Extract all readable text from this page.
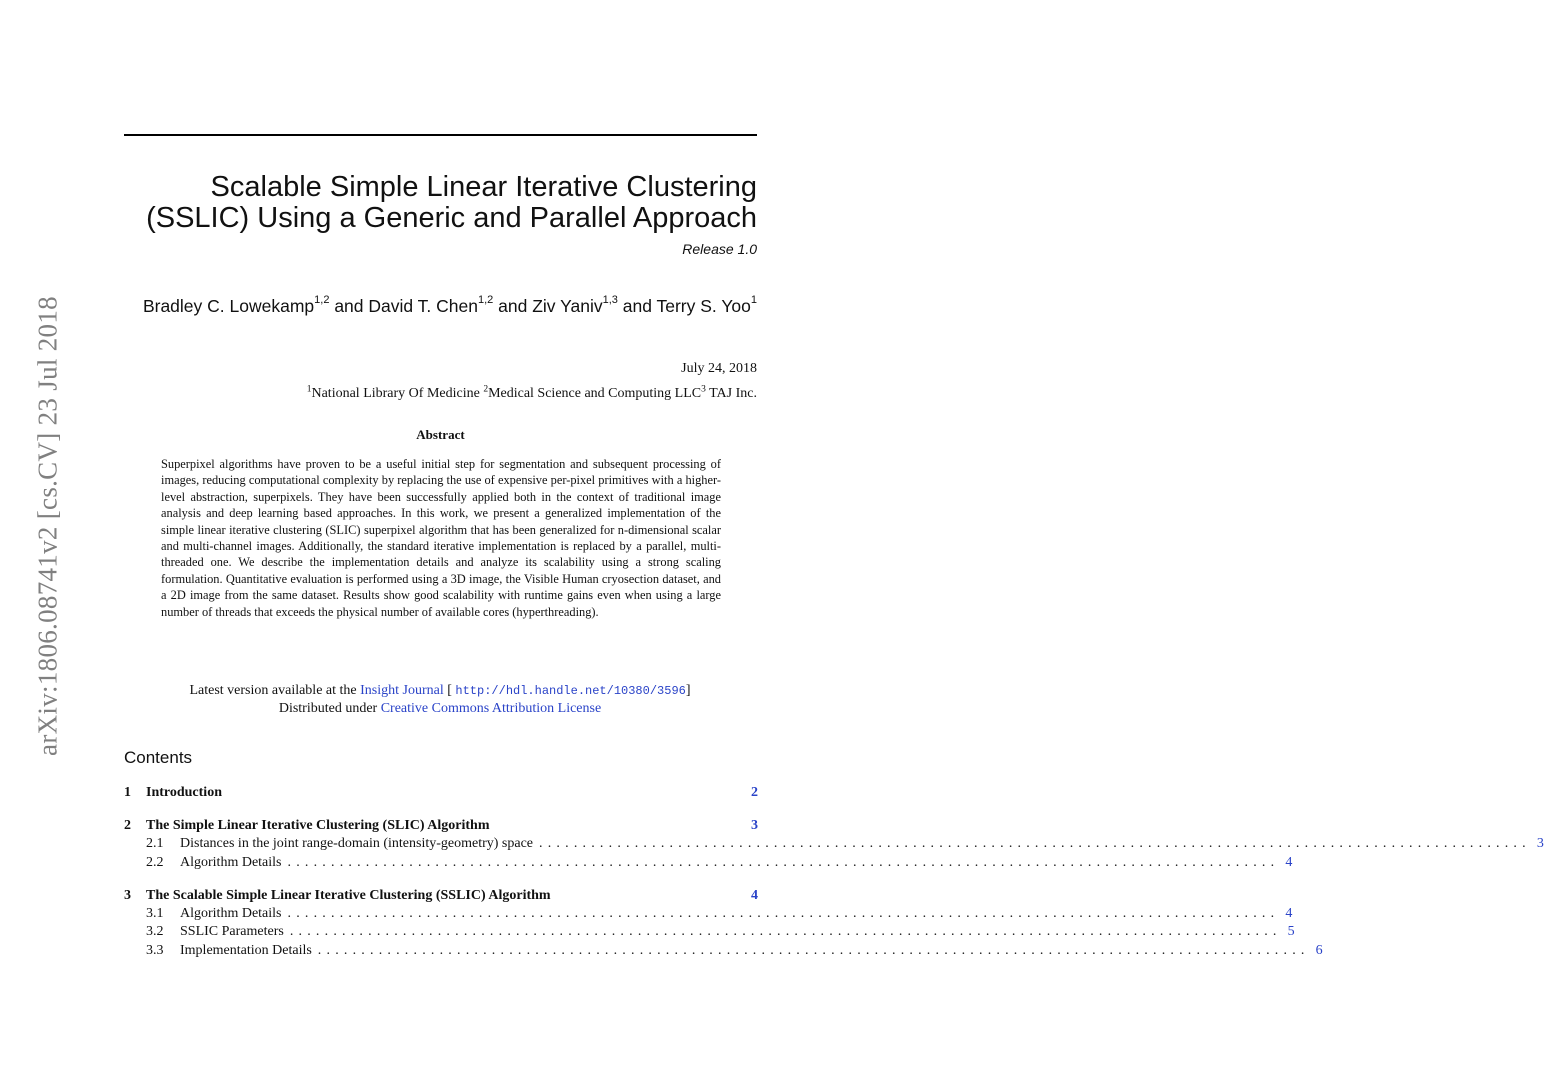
arXiv:1806.08741v2 [cs.CV] 23 Jul 2018
Scalable Simple Linear Iterative Clustering
(SSLIC) Using a Generic and Parallel Approach
Release 1.0
Bradley C. Lowekamp$^{1,2}$ and David T. Chen$^{1,2}$ and Ziv Yaniv$^{1,3}$ and Terry S. Yoo$^1$
July 24, 2018
$^1$National Library Of Medicine $^2$Medical Science and Computing LLC$^3$ TAJ Inc.
Abstract
Superpixel algorithms have proven to be a useful initial step for segmentation and subsequent processing of images, reducing computational complexity by replacing the use of expensive per-pixel primitives with a higher-level abstraction, superpixels. They have been successfully applied both in the context of traditional image analysis and deep learning based approaches. In this work, we present a generalized implementation of the simple linear iterative clustering (SLIC) superpixel algorithm that has been generalized for n-dimensional scalar and multi-channel images. Additionally, the standard iterative implementation is replaced by a parallel, multi-threaded one. We describe the implementation details and analyze its scalability using a strong scaling formulation. Quantitative evaluation is performed using a 3D image, the Visible Human cryosection dataset, and a 2D image from the same dataset. Results show good scalability with runtime gains even when using a large number of threads that exceeds the physical number of available cores (hyperthreading).
Latest version available at the Insight Journal [ http://hdl.handle.net/10380/3596]
Distributed under Creative Commons Attribution License
Contents
1	Introduction	2
2	The Simple Linear Iterative Clustering (SLIC) Algorithm	3
2.1	Distances in the joint range-domain (intensity-geometry) space .................................................................................................................. 3
2.2	Algorithm Details .................................................................................................................. 4
3	The Scalable Simple Linear Iterative Clustering (SSLIC) Algorithm	4
3.1	Algorithm Details .................................................................................................................. 4
3.2	SSLIC Parameters .................................................................................................................. 5
3.3	Implementation Details .................................................................................................................. 6
